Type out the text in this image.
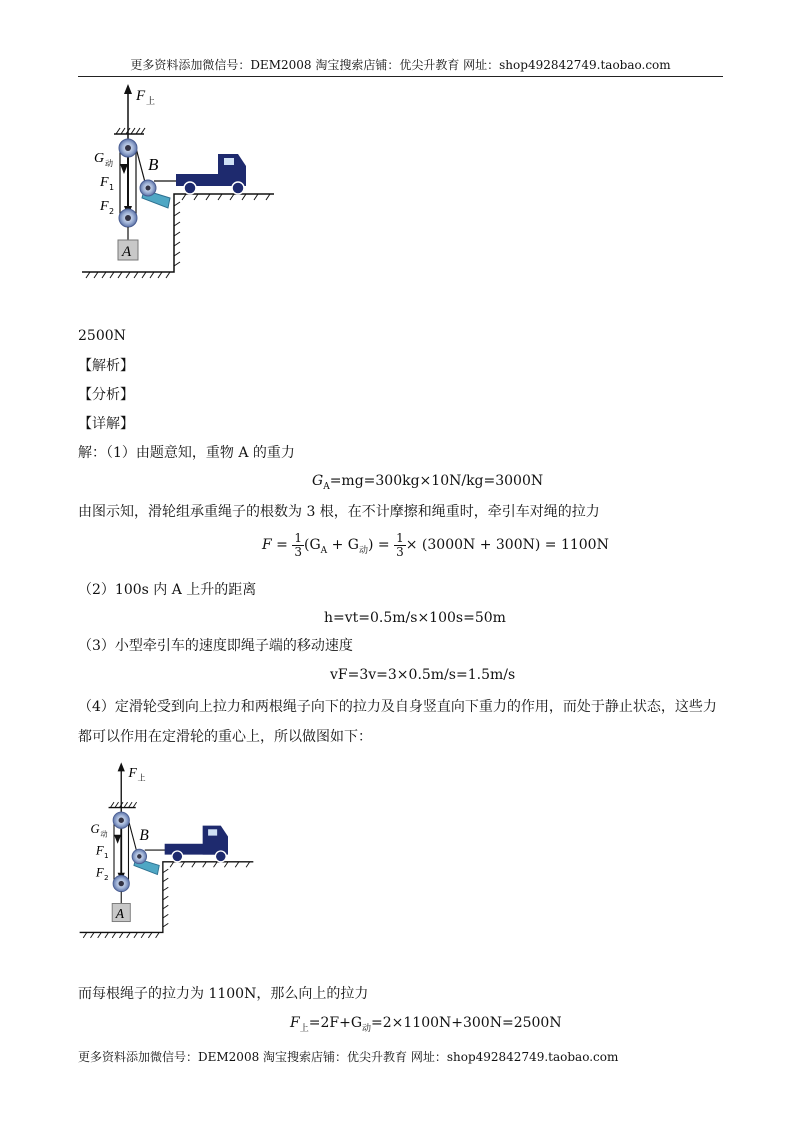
更多资料添加微信号：DEM2008 淘宝搜索店铺：优尖升教育 网址：shop492842749.taobao.com
F 上
A
G 动
F 1
F 2
B
2500N
【解析】
【分析】
【详解】
解：（1）由题意知，重物 A 的重力
$G_A=mg=300kg\times 10N/kg=3000N$
由图示知，滑轮组承重绳子的根数为 3 根，在不计摩擦和绳重时，牵引车对绳的拉力
$F = \frac{1}{3} (G_A + G_动) = \frac{1}{3} \times (3000N + 300N) = 1100N$
（2）100s 内 A 上升的距离
h=vt=0.5m/s×100s=50m
（3）小型牵引车的速度即绳子端的移动速度
vF=3v=3×0.5m/s=1.5m/s
（4）定滑轮受到向上拉力和两根绳子向下的拉力及自身竖直向下重力的作用，而处于静止状态，这些力都可以作用在定滑轮的重心上，所以做图如下：
F 上
A
G 动
F 1
F 2
B
而每根绳子的拉力为 1100N，那么向上的拉力
$F_上=2F+G_动=2\times 1100N+300N=2500N$
更多资料添加微信号：DEM2008 淘宝搜索店铺：优尖升教育 网址：shop492842749.taobao.com
